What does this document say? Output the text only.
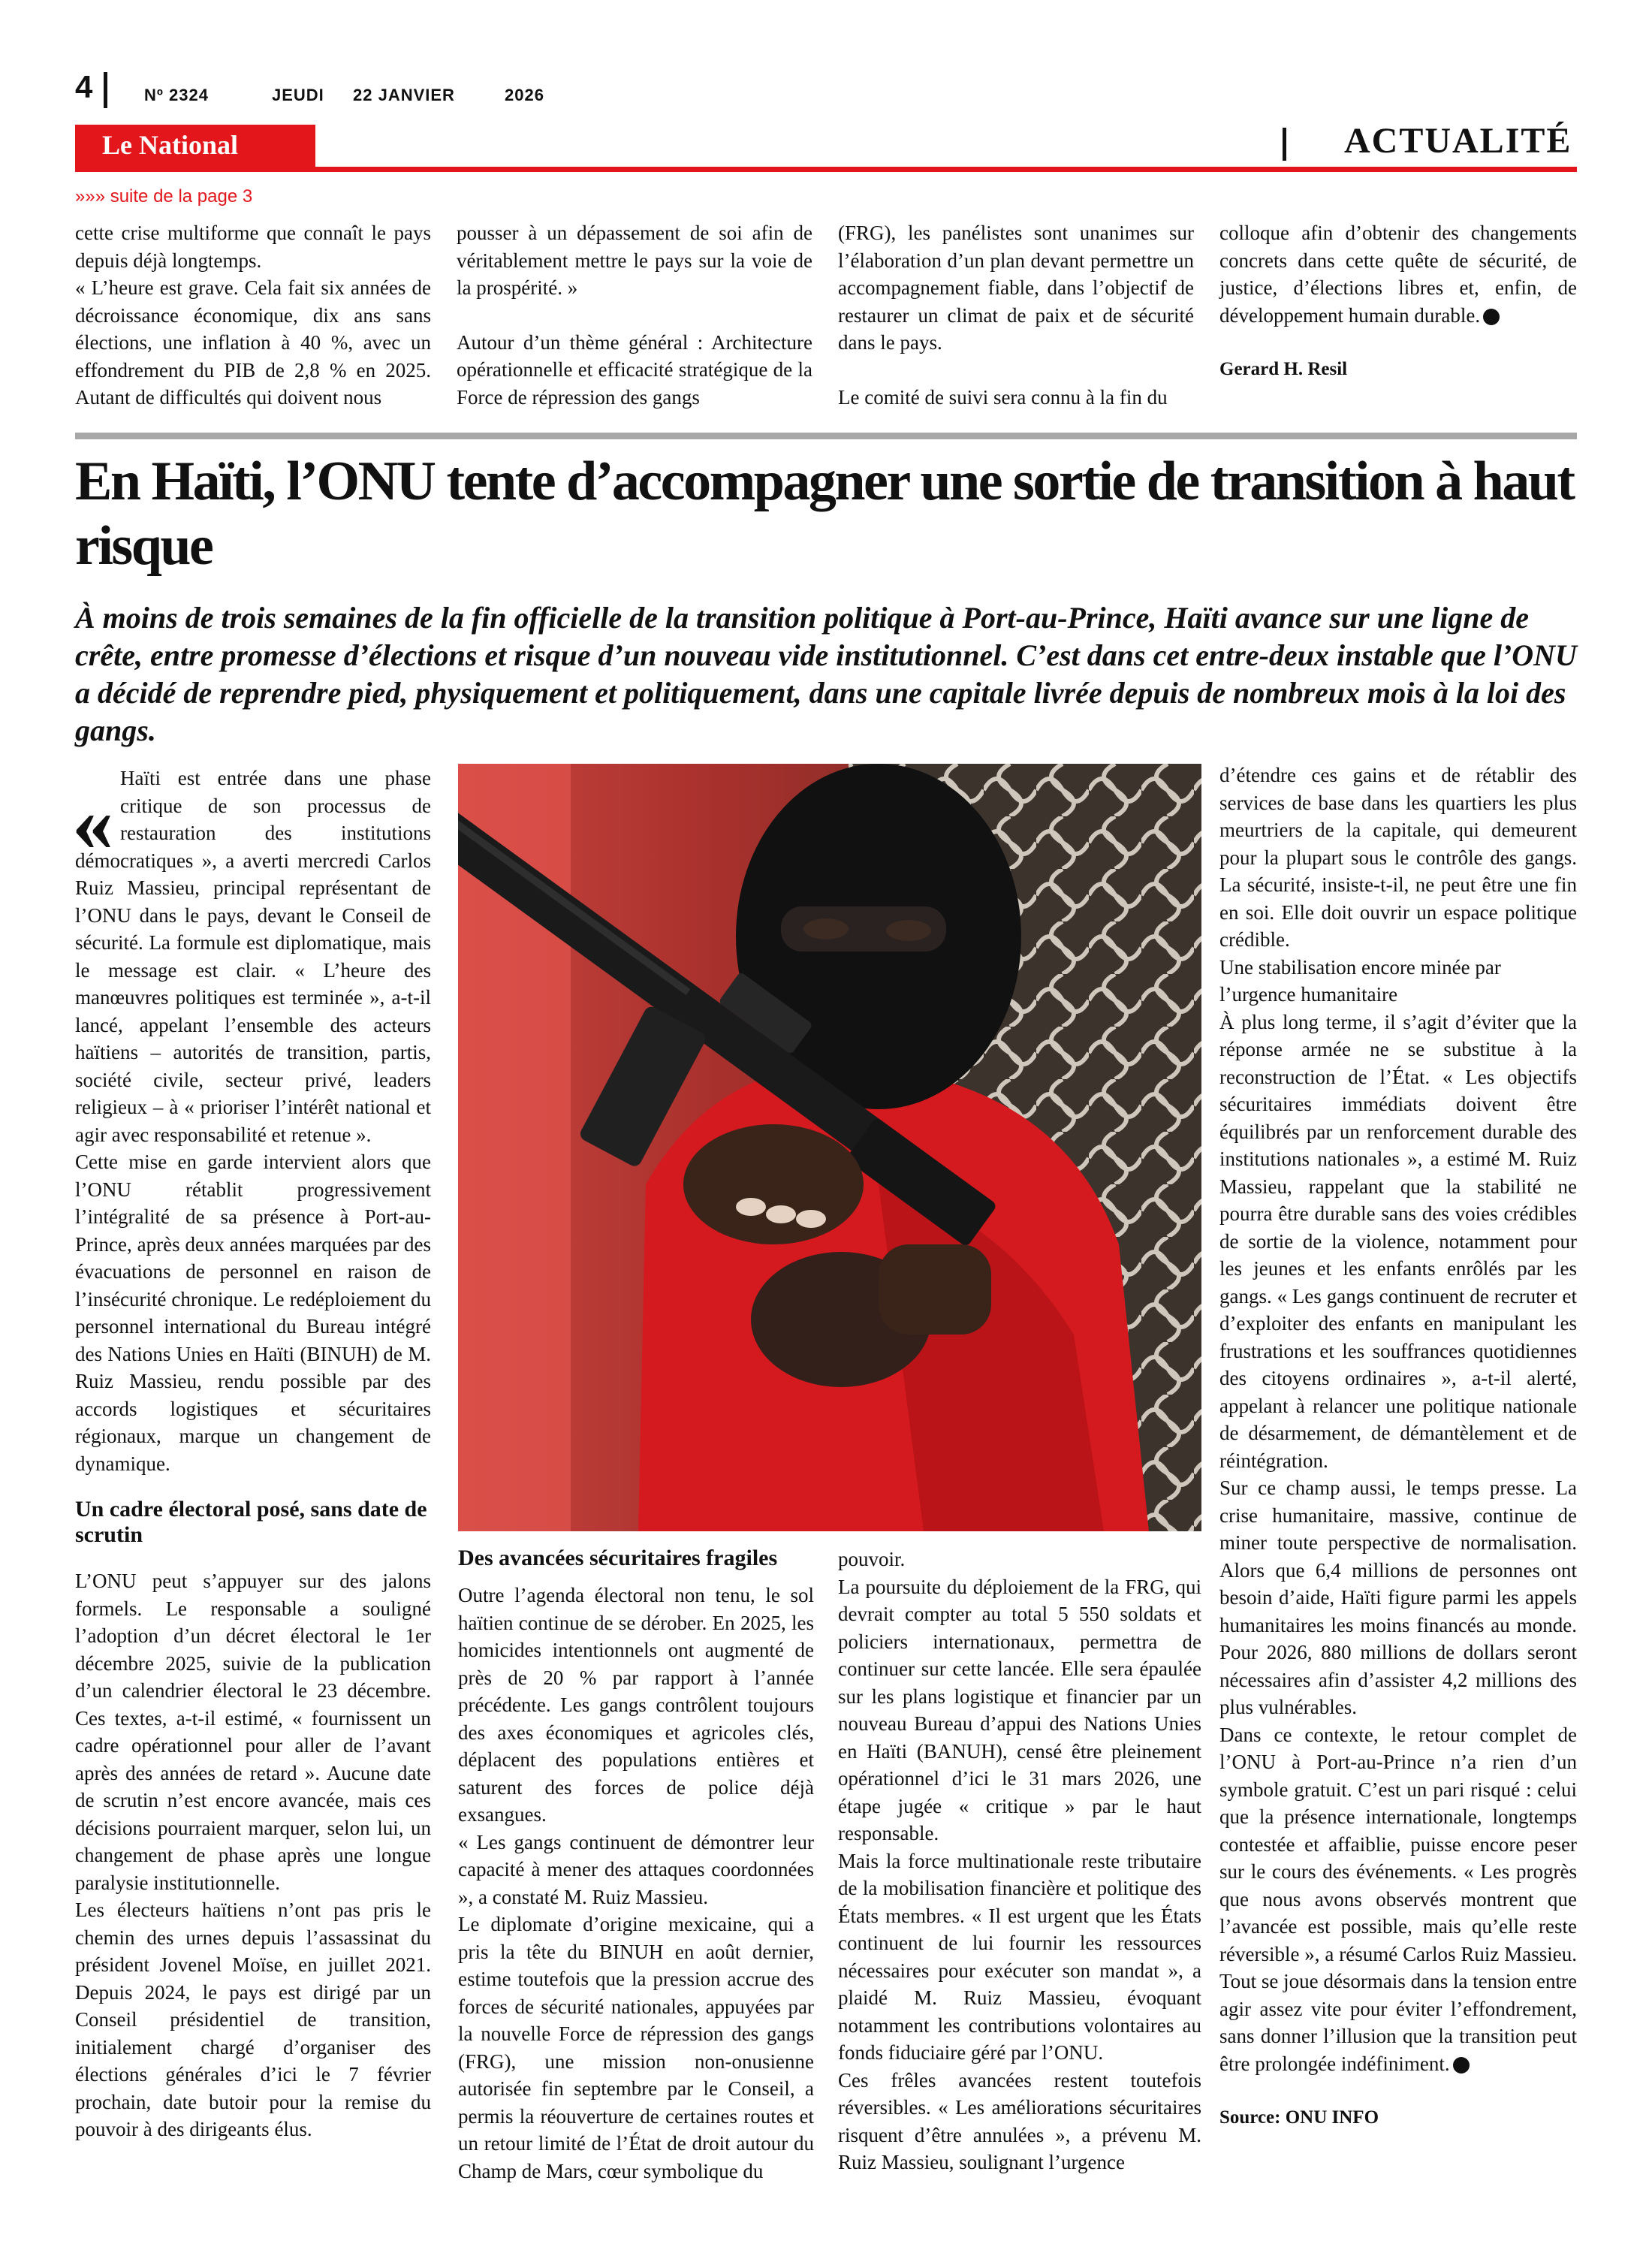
4	Nº 2324	JEUDI 22 JANVIER	2026
Le National	ACTUALITÉ
»»» suite de la page 3

cette crise multiforme que connaît le pays depuis déjà longtemps.

« L’heure est grave. Cela fait six années de décroissance économique, dix ans sans élections, une inflation à 40 %, avec un effondrement du PIB de 2,8 % en 2025. Autant de difficultés qui doivent nous

pousser à un dépassement de soi afin de véritablement mettre le pays sur la voie de la prospérité. »

Autour d’un thème général : Architecture opérationnelle et efficacité stratégique de la Force de répression des gangs

(FRG), les panélistes sont unanimes sur l’élaboration d’un plan devant permettre un accompagnement fiable, dans l’objectif de restaurer un climat de paix et de sécurité dans le pays.

Le comité de suivi sera connu à la fin du

colloque afin d’obtenir des changements concrets dans cette quête de sécurité, de justice, d’élections libres et, enfin, de développement humain durable.

Gerard H. Resil

En Haïti, l’ONU tente d’accompagner une sortie de transition à haut risque
À moins de trois semaines de la fin officielle de la transition politique à Port-au-Prince, Haïti avance sur une ligne de crête, entre promesse d’élections et risque d’un nouveau vide institutionnel. C’est dans cet entre-deux instable que l’ONU a décidé de reprendre pied, physiquement et politiquement, dans une capitale livrée depuis de nombreux mois à la loi des gangs.
« Haïti est entrée dans une phase critique de son processus de restauration des institutions démocratiques », a averti mercredi Carlos Ruiz Massieu, principal représentant de l’ONU dans le pays, devant le Conseil de sécurité. La formule est diplomatique, mais le message est clair. « L’heure des manœuvres politiques est terminée », a-t-il lancé, appelant l’ensemble des acteurs haïtiens – autorités de transition, partis, société civile, secteur privé, leaders religieux – à « prioriser l’intérêt national et agir avec responsabilité et retenue ».

Cette mise en garde intervient alors que l’ONU rétablit progressivement l’intégralité de sa présence à Port-au-Prince, après deux années marquées par des évacuations de personnel en raison de l’insécurité chronique. Le redéploiement du personnel international du Bureau intégré des Nations Unies en Haïti (BINUH) de M. Ruiz Massieu, rendu possible par des accords logistiques et sécuritaires régionaux, marque un changement de dynamique.

Un cadre électoral posé, sans date de scrutin

L’ONU peut s’appuyer sur des jalons formels. Le responsable a souligné l’adoption d’un décret électoral le 1er décembre 2025, suivie de la publication d’un calendrier électoral le 23 décembre. Ces textes, a-t-il estimé, « fournissent un cadre opérationnel pour aller de l’avant après des années de retard ». Aucune date de scrutin n’est encore avancée, mais ces décisions pourraient marquer, selon lui, un changement de phase après une longue paralysie institutionnelle.

Les électeurs haïtiens n’ont pas pris le chemin des urnes depuis l’assassinat du président Jovenel Moïse, en juillet 2021. Depuis 2024, le pays est dirigé par un Conseil présidentiel de transition, initialement chargé d’organiser des élections générales d’ici le 7 février prochain, date butoir pour la remise du pouvoir à des dirigeants élus.

Des avancées sécuritaires fragiles

Outre l’agenda électoral non tenu, le sol haïtien continue de se dérober. En 2025, les homicides intentionnels ont augmenté de près de 20 % par rapport à l’année précédente. Les gangs contrôlent toujours des axes économiques et agricoles clés, déplacent des populations entières et saturent des forces de police déjà exsangues.

« Les gangs continuent de démontrer leur capacité à mener des attaques coordonnées », a constaté M. Ruiz Massieu.

Le diplomate d’origine mexicaine, qui a pris la tête du BINUH en août dernier, estime toutefois que la pression accrue des forces de sécurité nationales, appuyées par la nouvelle Force de répression des gangs (FRG), une mission non-onusienne autorisée fin septembre par le Conseil, a permis la réouverture de certaines routes et un retour limité de l’État de droit autour du Champ de Mars, cœur symbolique du

pouvoir.

La poursuite du déploiement de la FRG, qui devrait compter au total 5 550 soldats et policiers internationaux, permettra de continuer sur cette lancée. Elle sera épaulée sur les plans logistique et financier par un nouveau Bureau d’appui des Nations Unies en Haïti (BANUH), censé être pleinement opérationnel d’ici le 31 mars 2026, une étape jugée « critique » par le haut responsable.

Mais la force multinationale reste tributaire de la mobilisation financière et politique des États membres. « Il est urgent que les États continuent de lui fournir les ressources nécessaires pour exécuter son mandat », a plaidé M. Ruiz Massieu, évoquant notamment les contributions volontaires au fonds fiduciaire géré par l’ONU.

Ces frêles avancées restent toutefois réversibles. « Les améliorations sécuritaires risquent d’être annulées », a prévenu M. Ruiz Massieu, soulignant l’urgence

d’étendre ces gains et de rétablir des services de base dans les quartiers les plus meurtriers de la capitale, qui demeurent pour la plupart sous le contrôle des gangs. La sécurité, insiste-t-il, ne peut être une fin en soi. Elle doit ouvrir un espace politique crédible.

Une stabilisation encore minée par l’urgence humanitaire

À plus long terme, il s’agit d’éviter que la réponse armée ne se substitue à la reconstruction de l’État. « Les objectifs sécuritaires immédiats doivent être équilibrés par un renforcement durable des institutions nationales », a estimé M. Ruiz Massieu, rappelant que la stabilité ne pourra être durable sans des voies crédibles de sortie de la violence, notamment pour les jeunes et les enfants enrôlés par les gangs. « Les gangs continuent de recruter et d’exploiter des enfants en manipulant les frustrations et les souffrances quotidiennes des citoyens ordinaires », a-t-il alerté, appelant à relancer une politique nationale de désarmement, de démantèlement et de réintégration.

Sur ce champ aussi, le temps presse. La crise humanitaire, massive, continue de miner toute perspective de normalisation. Alors que 6,4 millions de personnes ont besoin d’aide, Haïti figure parmi les appels humanitaires les moins financés au monde. Pour 2026, 880 millions de dollars seront nécessaires afin d’assister 4,2 millions des plus vulnérables.

Dans ce contexte, le retour complet de l’ONU à Port-au-Prince n’a rien d’un symbole gratuit. C’est un pari risqué : celui que la présence internationale, longtemps contestée et affaiblie, puisse encore peser sur le cours des événements. « Les progrès que nous avons observés montrent que l’avancée est possible, mais qu’elle reste réversible », a résumé Carlos Ruiz Massieu. Tout se joue désormais dans la tension entre agir assez vite pour éviter l’effondrement, sans donner l’illusion que la transition peut être prolongée indéfiniment.

Source: ONU INFO
